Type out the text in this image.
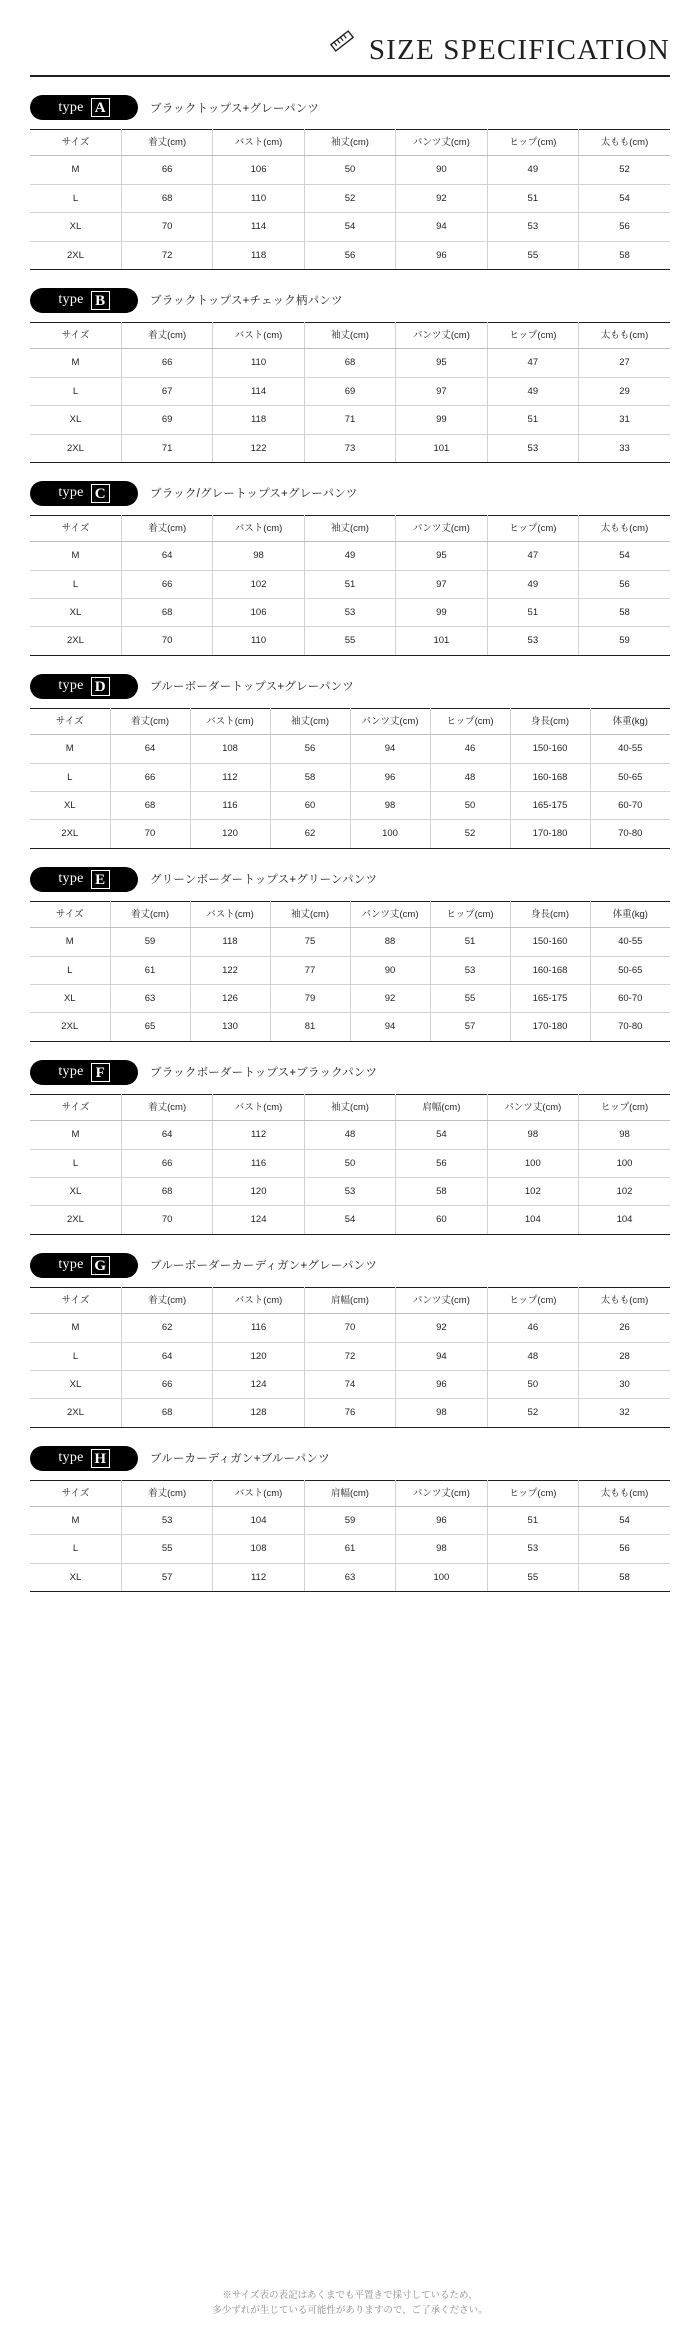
SIZE SPECIFICATION
type A	ブラックトップス+グレーパンツ
サイズ	着丈(cm)	バスト(cm)	袖丈(cm)	パンツ丈(cm)	ヒップ(cm)	太もも(cm)
M	66	106	50	90	49	52
L	68	110	52	92	51	54
XL	70	114	54	94	53	56
2XL	72	118	56	96	55	58
type B	ブラックトップス+チェック柄パンツ
サイズ	着丈(cm)	バスト(cm)	袖丈(cm)	パンツ丈(cm)	ヒップ(cm)	太もも(cm)
M	66	110	68	95	47	27
L	67	114	69	97	49	29
XL	69	118	71	99	51	31
2XL	71	122	73	101	53	33
type C	ブラック/グレートップス+グレーパンツ
サイズ	着丈(cm)	バスト(cm)	袖丈(cm)	パンツ丈(cm)	ヒップ(cm)	太もも(cm)
M	64	98	49	95	47	54
L	66	102	51	97	49	56
XL	68	106	53	99	51	58
2XL	70	110	55	101	53	59
type D	ブルーボーダートップス+グレーパンツ
サイズ	着丈(cm)	バスト(cm)	袖丈(cm)	パンツ丈(cm)	ヒップ(cm)	身長(cm)	体重(kg)
M	64	108	56	94	46	150-160	40-55
L	66	112	58	96	48	160-168	50-65
XL	68	116	60	98	50	165-175	60-70
2XL	70	120	62	100	52	170-180	70-80
type E	グリーンボーダートップス+グリーンパンツ
サイズ	着丈(cm)	バスト(cm)	袖丈(cm)	パンツ丈(cm)	ヒップ(cm)	身長(cm)	体重(kg)
M	59	118	75	88	51	150-160	40-55
L	61	122	77	90	53	160-168	50-65
XL	63	126	79	92	55	165-175	60-70
2XL	65	130	81	94	57	170-180	70-80
type F	ブラックボーダートップス+ブラックパンツ
サイズ	着丈(cm)	バスト(cm)	袖丈(cm)	肩幅(cm)	パンツ丈(cm)	ヒップ(cm)
M	64	112	48	54	98	98
L	66	116	50	56	100	100
XL	68	120	53	58	102	102
2XL	70	124	54	60	104	104
type G	ブルーボーダーカーディガン+グレーパンツ
サイズ	着丈(cm)	バスト(cm)	肩幅(cm)	パンツ丈(cm)	ヒップ(cm)	太もも(cm)
M	62	116	70	92	46	26
L	64	120	72	94	48	28
XL	66	124	74	96	50	30
2XL	68	128	76	98	52	32
type H	ブルーカーディガン+ブルーパンツ
サイズ	着丈(cm)	バスト(cm)	肩幅(cm)	パンツ丈(cm)	ヒップ(cm)	太もも(cm)
M	53	104	59	96	51	54
L	55	108	61	98	53	56
XL	57	112	63	100	55	58
※サイズ表の表記はあくまでも平置きで採寸しているため、
多少ずれが生じている可能性がありますので、ご了承ください。
